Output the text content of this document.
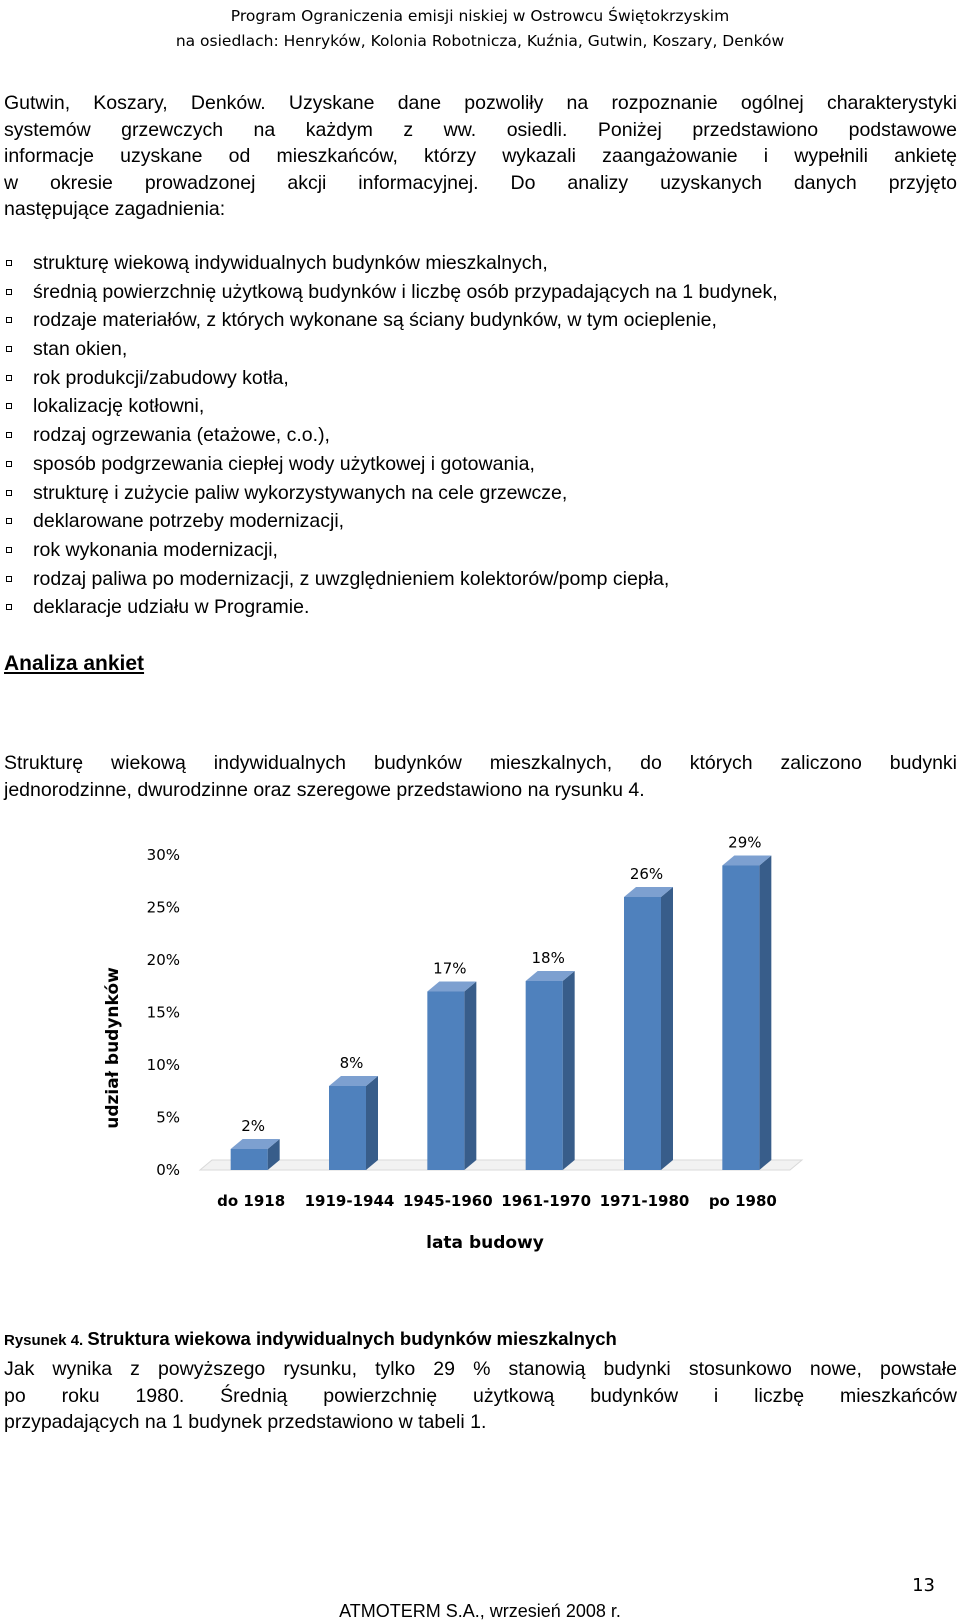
Program Ograniczenia emisji niskiej w Ostrowcu Świętokrzyskim
na osiedlach: Henryków, Kolonia Robotnicza, Kuźnia, Gutwin, Koszary, Denków
Gutwin, Koszary, Denków. Uzyskane dane pozwoliły na rozpoznanie ogólnej charakterystyki
systemów grzewczych na każdym z ww. osiedli. Poniżej przedstawiono podstawowe
informacje uzyskane od mieszkańców, którzy wykazali zaangażowanie i wypełnili ankietę
w okresie prowadzonej akcji informacyjnej. Do analizy uzyskanych danych przyjęto
następujące zagadnienia:
strukturę wiekową indywidualnych budynków mieszkalnych,
średnią powierzchnię użytkową budynków i liczbę osób przypadających na 1 budynek,
rodzaje materiałów, z których wykonane są ściany budynków, w tym ocieplenie,
stan okien,
rok produkcji/zabudowy kotła,
lokalizację kotłowni,
rodzaj ogrzewania (etażowe, c.o.),
sposób podgrzewania ciepłej wody użytkowej i gotowania,
strukturę i zużycie paliw wykorzystywanych na cele grzewcze,
deklarowane potrzeby modernizacji,
rok wykonania modernizacji,
rodzaj paliwa po modernizacji, z uwzględnieniem kolektorów/pomp ciepła,
deklaracje udziału w Programie.
Analiza ankiet
Strukturę wiekową indywidualnych budynków mieszkalnych, do których zaliczono budynki
jednorodzinne, dwurodzinne oraz szeregowe przedstawiono na rysunku 4.
0%
5%
10%
15%
20%
25%
30%
2%
do 1918
8%
1919-1944
17%
1945-1960
18%
1961-1970
26%
1971-1980
29%
po 1980
lata budowy
udział budynków
Rysunek 4. Struktura wiekowa indywidualnych budynków mieszkalnych
Jak wynika z powyższego rysunku, tylko 29 % stanowią budynki stosunkowo nowe, powstałe
po roku 1980. Średnią powierzchnię użytkową budynków i liczbę mieszkańców
przypadających na 1 budynek przedstawiono w tabeli 1.
13
ATMOTERM S.A., wrzesień 2008 r.
